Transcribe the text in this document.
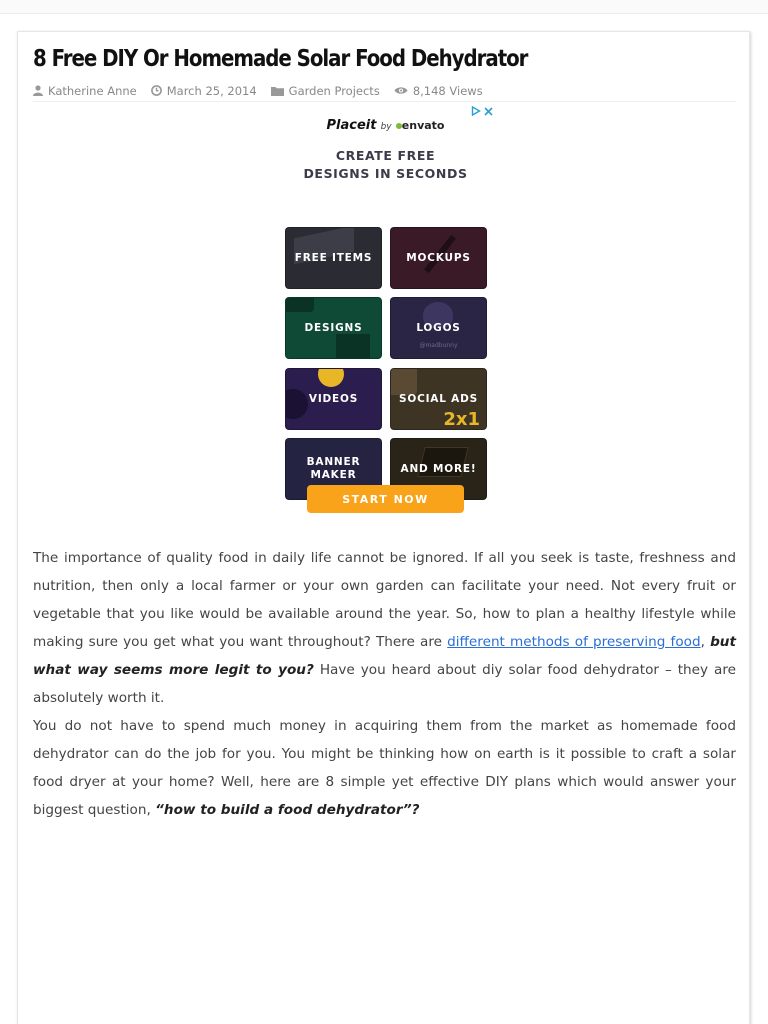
8 Free DIY Or Homemade Solar Food Dehydrator
Katherine Anne	March 25, 2014	Garden Projects	8,148 Views
Placeit by envato
CREATE FREE
DESIGNS IN SECONDS
FREE ITEMS	MOCKUPS
DESIGNS	LOGOS
@madbunny
VIDEOS	SOCIAL ADS
2x1
BANNER
MAKER
AND MORE!
START NOW

The importance of quality food in daily life cannot be ignored. If all you seek is taste, freshness and nutrition, then only a local farmer or your own garden can facilitate your need. Not every fruit or vegetable that you like would be available around the year. So, how to plan a healthy lifestyle while making sure you get what you want throughout? There are different methods of preserving food, but what way seems more legit to you? Have you heard about diy solar food dehydrator – they are absolutely worth it.

You do not have to spend much money in acquiring them from the market as homemade food dehydrator can do the job for you. You might be thinking how on earth is it possible to craft a solar food dryer at your home? Well, here are 8 simple yet effective DIY plans which would answer your biggest question, “how to build a food dehydrator”?
